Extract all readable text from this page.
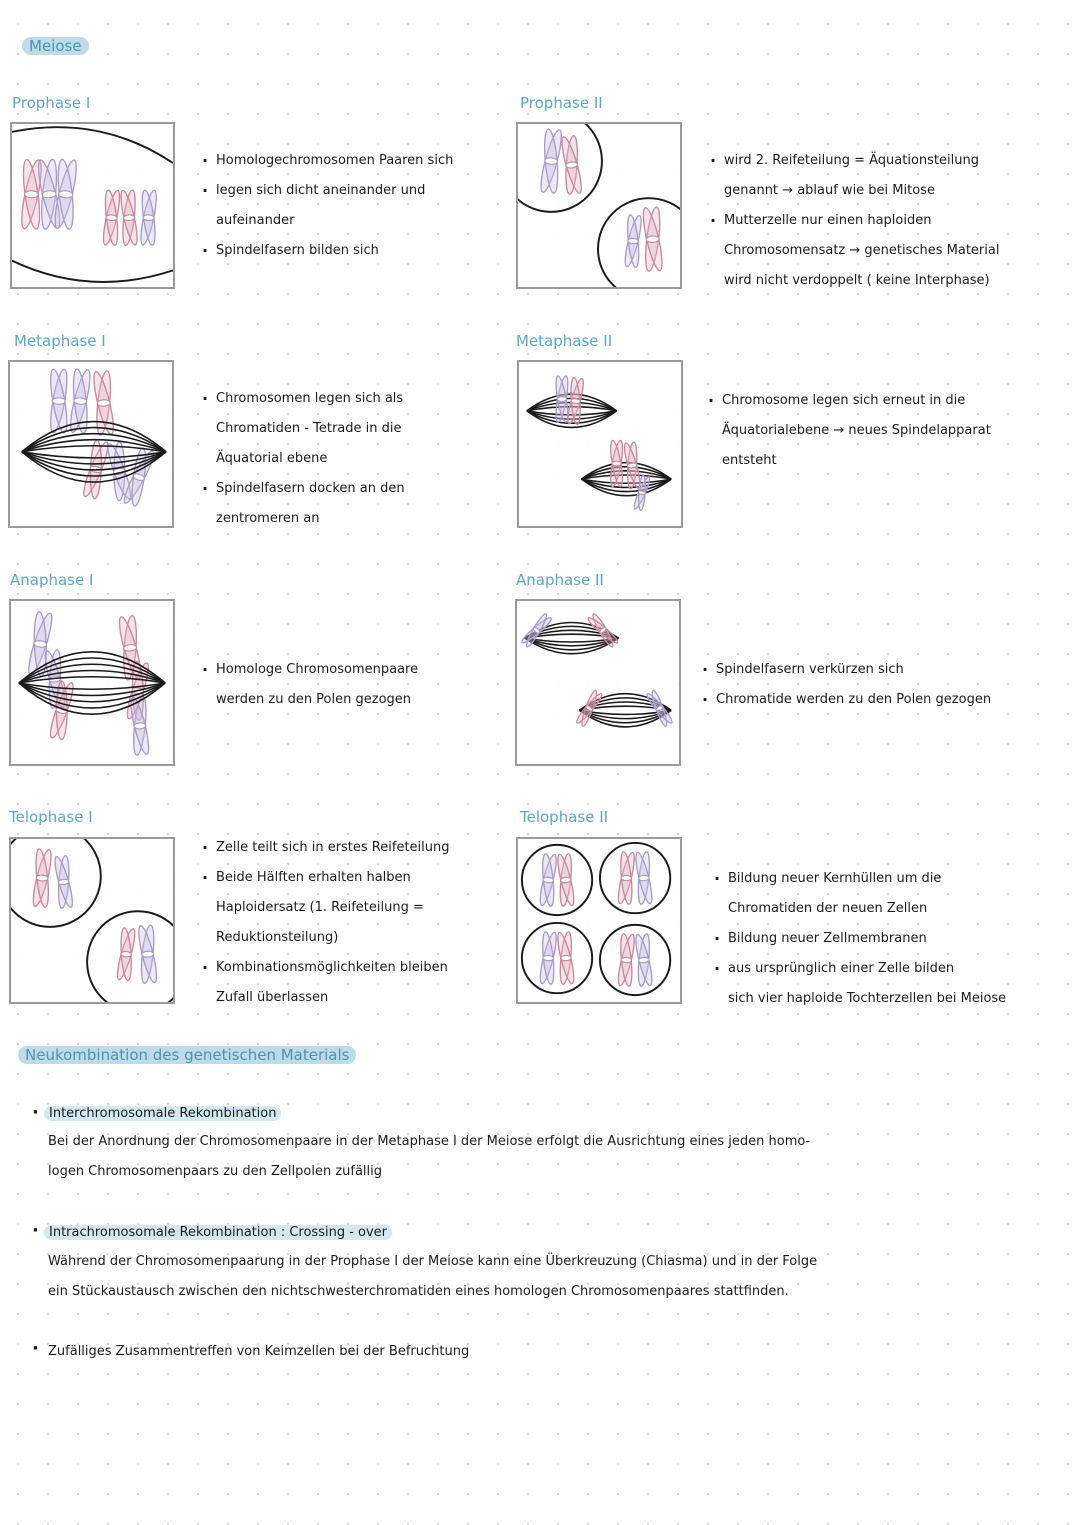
Meiose
Prophase I
· Homologechromosomen Paaren sich
· legen sich dicht aneinander und
aufeinander
· Spindelfasern bilden sich
Prophase II
· wird 2. Reifeteilung = Äquationsteilung
genannt → ablauf wie bei Mitose
· Mutterzelle nur einen haploiden
Chromosomensatz → genetisches Material
wird nicht verdoppelt ( keine Interphase)
Metaphase I
· Chromosomen legen sich als
Chromatiden - Tetrade in die
Äquatorial ebene
· Spindelfasern docken an den
zentromeren an
Metaphase II
· Chromosome legen sich erneut in die
Äquatorialebene → neues Spindelapparat
entsteht
Anaphase I
· Homologe Chromosomenpaare
werden zu den Polen gezogen
Anaphase II
· Spindelfasern verkürzen sich
· Chromatide werden zu den Polen gezogen
Telophase I
· Zelle teilt sich in erstes Reifeteilung
· Beide Hälften erhalten halben
Haploidersatz (1. Reifeteilung =
Reduktionsteilung)
· Kombinationsmöglichkeiten bleiben
Zufall überlassen
Telophase II
· Bildung neuer Kernhüllen um die
Chromatiden der neuen Zellen
· Bildung neuer Zellmembranen
· aus ursprünglich einer Zelle bilden
sich vier haploide Tochterzellen bei Meiose
Neukombination des genetischen Materials
· Interchromosomale Rekombination

Bei der Anordnung der Chromosomenpaare in der Metaphase I der Meiose erfolgt die Ausrichtung eines jeden homo-

logen Chromosomenpaars zu den Zellpolen zufällig

· Intrachromosomale Rekombination : Crossing - over

Während der Chromosomenpaarung in der Prophase I der Meiose kann eine Überkreuzung (Chiasma) und in der Folge

ein Stückaustausch zwischen den nichtschwesterchromatiden eines homologen Chromosomenpaares stattfinden.

· Zufälliges Zusammentreffen von Keimzellen bei der Befruchtung
